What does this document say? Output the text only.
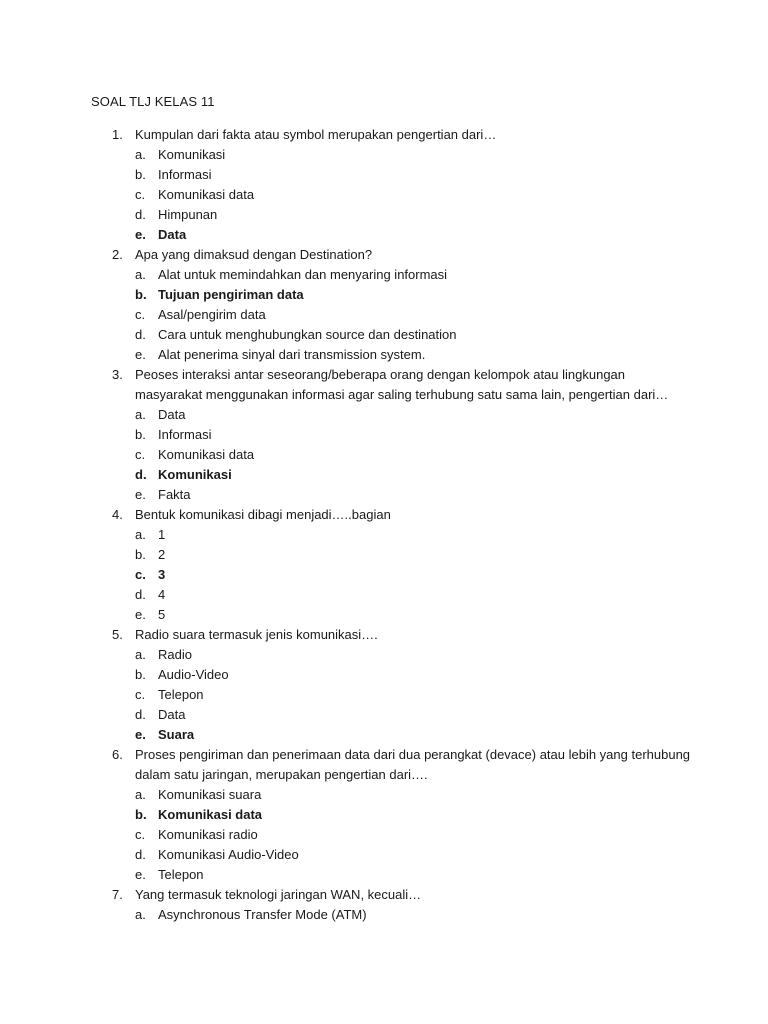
SOAL TLJ KELAS 11
1. Kumpulan dari fakta atau symbol merupakan pengertian dari…
a. Komunikasi
b. Informasi
c. Komunikasi data
d. Himpunan
e. Data
2. Apa yang dimaksud dengan Destination?
a. Alat untuk memindahkan dan menyaring informasi
b. Tujuan pengiriman data
c. Asal/pengirim data
d. Cara untuk menghubungkan source dan destination
e. Alat penerima sinyal dari transmission system.
3. Peoses interaksi antar seseorang/beberapa orang dengan kelompok atau lingkungan masyarakat menggunakan informasi agar saling terhubung satu sama lain, pengertian dari…
a. Data
b. Informasi
c. Komunikasi data
d. Komunikasi
e. Fakta
4. Bentuk komunikasi dibagi menjadi…..bagian
a. 1
b. 2
c. 3
d. 4
e. 5
5. Radio suara termasuk jenis komunikasi….
a. Radio
b. Audio-Video
c. Telepon
d. Data
e. Suara
6. Proses pengiriman dan penerimaan data dari dua perangkat (devace) atau lebih yang terhubung dalam satu jaringan, merupakan pengertian dari….
a. Komunikasi suara
b. Komunikasi data
c. Komunikasi radio
d. Komunikasi Audio-Video
e. Telepon
7. Yang termasuk teknologi jaringan WAN, kecuali…
a. Asynchronous Transfer Mode (ATM)
